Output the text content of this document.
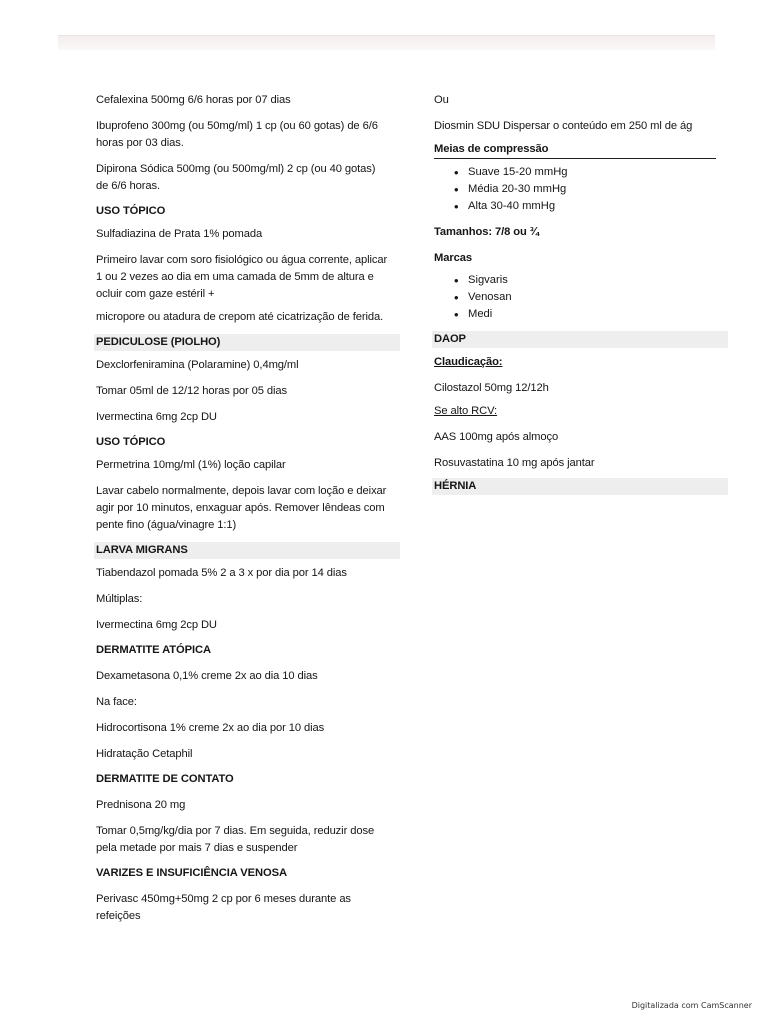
Cefalexina 500mg 6/6 horas por 07 dias

Ibuprofeno 300mg (ou 50mg/ml) 1 cp (ou 60 gotas) de 6/6 horas por 03 dias.

Dipirona Sódica 500mg (ou 500mg/ml) 2 cp (ou 40 gotas) de 6/6 horas.

USO TÓPICO

Sulfadiazina de Prata 1% pomada

Primeiro lavar com soro fisiológico ou água corrente, aplicar 1 ou 2 vezes ao dia em uma camada de 5mm de altura e ocluir com gaze estéril +

micropore ou atadura de crepom até cicatrização de ferida.

PEDICULOSE (PIOLHO)

Dexclorfeniramina (Polaramine) 0,4mg/ml

Tomar 05ml de 12/12 horas por 05 dias

Ivermectina 6mg 2cp DU

USO TÓPICO

Permetrina 10mg/ml (1%) loção capilar

Lavar cabelo normalmente, depois lavar com loção e deixar agir por 10 minutos, enxaguar após. Remover lêndeas com pente fino (água/vinagre 1:1)

LARVA MIGRANS

Tiabendazol pomada 5% 2 a 3 x por dia por 14 dias

Múltiplas:

Ivermectina 6mg 2cp DU

DERMATITE ATÓPICA

Dexametasona 0,1% creme 2x ao dia 10 dias

Na face:

Hidrocortisona 1% creme 2x ao dia por 10 dias

Hidratação Cetaphil

DERMATITE DE CONTATO

Prednisona 20 mg

Tomar 0,5mg/kg/dia por 7 dias. Em seguida, reduzir dose pela metade por mais 7 dias e suspender

VARIZES E INSUFICIÊNCIA VENOSA

Perivasc 450mg+50mg 2 cp por 6 meses durante as refeições

Ou

Diosmin SDU Dispersar o conteúdo em 250 ml de ág

Meias de compressão

• Suave 15-20 mmHg
• Média 20-30 mmHg
• Alta 30-40 mmHg

Tamanhos: 7/8 ou ¾

Marcas

• Sigvaris
• Venosan
• Medi

DAOP

Claudicação:

Cilostazol 50mg 12/12h

Se alto RCV:

AAS 100mg após almoço

Rosuvastatina 10 mg após jantar

HÉRNIA

Digitalizada com CamScanner
